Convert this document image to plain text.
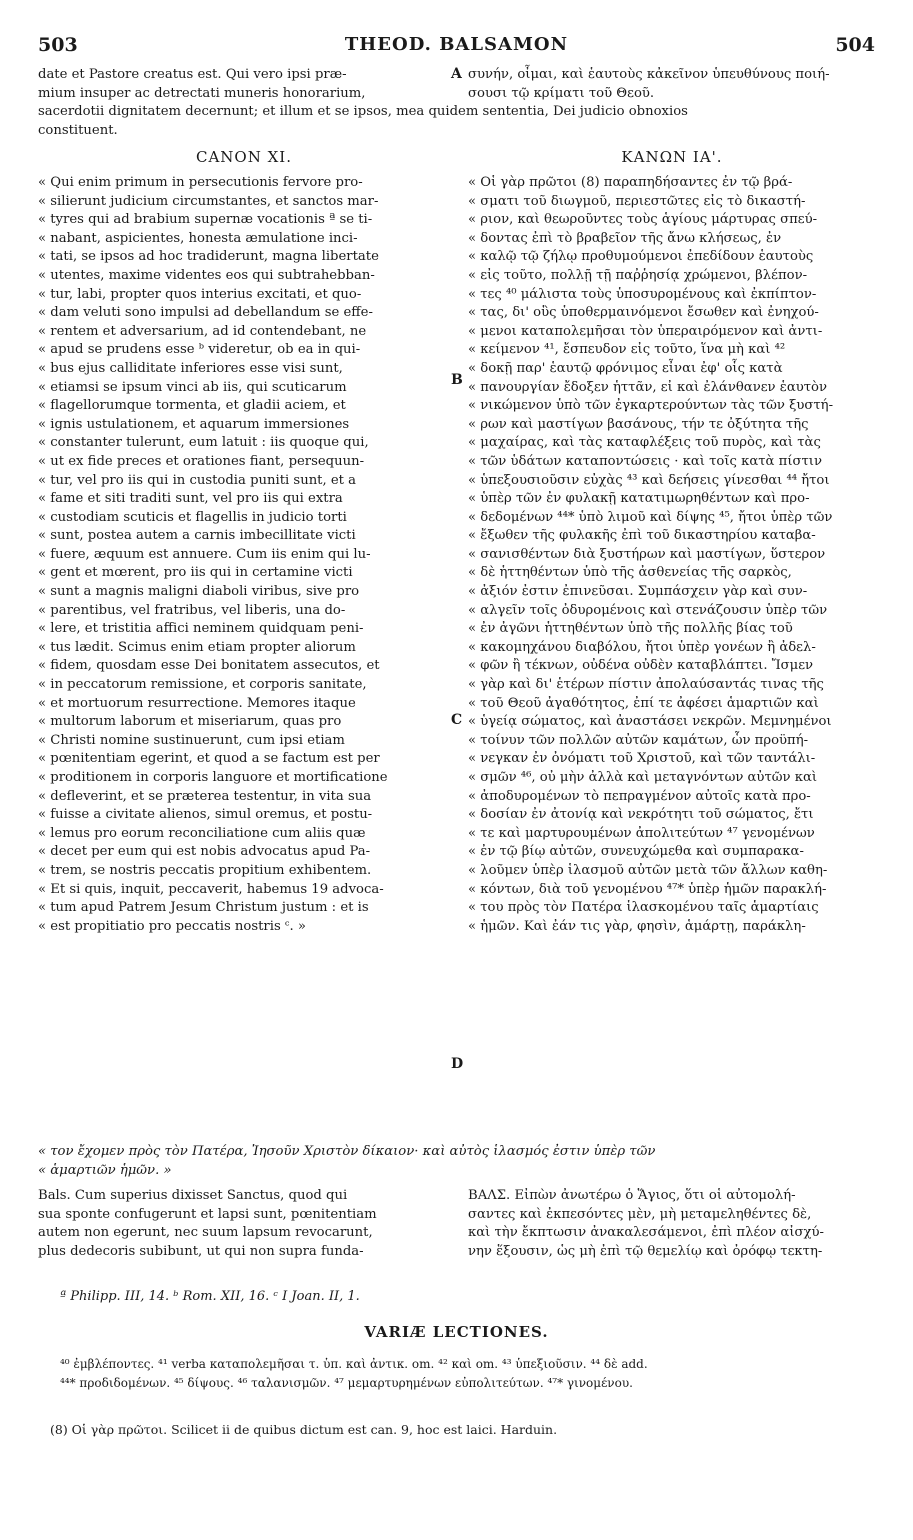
503	THEOD. BALSAMON	504

date et Pastore creatus est. Qui vero ipsi præ-

mium insuper ac detrectati muneris honorarium,

A συνήν, οἶμαι, καὶ ἑαυτοὺς κἀκεῖνον ὑπευθύνους ποιή-

σουσι τῷ κρίματι τοῦ Θεοῦ.

sacerdotii dignitatem decernunt; et illum et se ipsos, mea quidem sententia, Dei judicio obnoxios

constituent.

CANON XI.	ΚΑΝΩΝ ΙΑ'.

« Qui enim primum in persecutionis fervore pro-

« silierunt judicium circumstantes, et sanctos mar-

« tyres qui ad brabium supernæ vocationis ª se ti-

« nabant, aspicientes, honesta æmulatione inci-

« tati, se ipsos ad hoc tradiderunt, magna libertate

« utentes, maxime videntes eos qui subtrahebban-

« tur, labi, propter quos interius excitati, et quo-

« dam veluti sono impulsi ad debellandum se effe-

« rentem et adversarium, ad id contendebant, ne

« apud se prudens esse ᵇ videretur, ob ea in qui-

« bus ejus calliditate inferiores esse visi sunt,

« etiamsi se ipsum vinci ab iis, qui scuticarum

« flagellorumque tormenta, et gladii aciem, et

« ignis ustulationem, et aquarum immersiones

« constanter tulerunt, eum latuit : iis quoque qui,

« ut ex fide preces et orationes fiant, persequun-

« tur, vel pro iis qui in custodia puniti sunt, et a

« fame et siti traditi sunt, vel pro iis qui extra

« custodiam scuticis et flagellis in judicio torti

« sunt, postea autem a carnis imbecillitate victi

« fuere, æquum est annuere. Cum iis enim qui lu-

« gent et mœrent, pro iis qui in certamine victi

« sunt a magnis maligni diaboli viribus, sive pro

« parentibus, vel fratribus, vel liberis, una do-

« lere, et tristitia affici neminem quidquam peni-

« tus lædit. Scimus enim etiam propter aliorum

« fidem, quosdam esse Dei bonitatem assecutos, et

« in peccatorum remissione, et corporis sanitate,

« et mortuorum resurrectione. Memores itaque

« multorum laborum et miseriarum, quas pro

« Christi nomine sustinuerunt, cum ipsi etiam

« pœnitentiam egerint, et quod a se factum est per

« proditionem in corporis languore et mortificatione

« defleverint, et se præterea testentur, in vita sua

« fuisse a civitate alienos, simul oremus, et postu-

« lemus pro eorum reconciliatione cum aliis quæ

« decet per eum qui est nobis advocatus apud Pa-

« trem, se nostris peccatis propitium exhibentem.

« Et si quis, inquit, peccaverit, habemus 19 advoca-

« tum apud Patrem Jesum Christum justum : et is

« est propitiatio pro peccatis nostris ᶜ. »

« Οἱ γὰρ πρῶτοι (8) παραπηδήσαντες ἐν τῷ βρά-

« σματι τοῦ διωγμοῦ, περιεστῶτες εἰς τὸ δικαστή-

« ριον, καὶ θεωροῦντες τοὺς ἁγίους μάρτυρας σπεύ-

« δοντας ἐπὶ τὸ βραβεῖον τῆς ἄνω κλήσεως, ἐν

« καλῷ τῷ ζήλῳ προθυμούμενοι ἐπεδίδουν ἑαυτοὺς

« εἰς τοῦτο, πολλῇ τῇ παῤῥησίᾳ χρώμενοι, βλέπον-

« τες ⁴⁰ μάλιστα τοὺς ὑποσυρομένους καὶ ἐκπίπτον-

« τας, δι' οὓς ὑποθερμαινόμενοι ἔσωθεν καὶ ἐνηχού-

« μενοι καταπολεμῆσαι τὸν ὑπεραιρόμενον καὶ ἀντι-

« κείμενον ⁴¹, ἔσπευδον εἰς τοῦτο, ἵνα μὴ καὶ ⁴²

« δοκῇ παρ' ἑαυτῷ φρόνιμος εἶναι ἐφ' οἷς κατὰ

« πανουργίαν ἔδοξεν ἡττᾶν, εἰ καὶ ἐλάνθανεν ἑαυτὸν

« νικώμενον ὑπὸ τῶν ἐγκαρτερούντων τὰς τῶν ξυστή-

« ρων καὶ μαστίγων βασάνους, τήν τε ὀξύτητα τῆς

« μαχαίρας, καὶ τὰς καταφλέξεις τοῦ πυρὸς, καὶ τὰς

« τῶν ὑδάτων καταποντώσεις · καὶ τοῖς κατὰ πίστιν

« ὑπεξουσιοῦσιν εὐχὰς ⁴³ καὶ δεήσεις γίνεσθαι ⁴⁴ ἤτοι

« ὑπὲρ τῶν ἐν φυλακῇ κατατιμωρηθέντων καὶ προ-

« δεδομένων ⁴⁴* ὑπὸ λιμοῦ καὶ δίψης ⁴⁵, ἤτοι ὑπὲρ τῶν

« ἔξωθεν τῆς φυλακῆς ἐπὶ τοῦ δικαστηρίου καταβα-

« σανισθέντων διὰ ξυστήρων καὶ μαστίγων, ὕστερον

« δὲ ἡττηθέντων ὑπὸ τῆς ἀσθενείας τῆς σαρκὸς,

« ἀξιόν ἐστιν ἐπινεῦσαι. Συμπάσχειν γὰρ καὶ συν-

« αλγεῖν τοῖς ὀδυρομένοις καὶ στενάζουσιν ὑπὲρ τῶν

« ἐν ἀγῶνι ἡττηθέντων ὑπὸ τῆς πολλῆς βίας τοῦ

« κακομηχάνου διαβόλου, ἤτοι ὑπὲρ γονέων ἢ ἀδελ-

« φῶν ἢ τέκνων, οὐδένα οὐδὲν καταβλάπτει. Ἴσμεν

« γὰρ καὶ δι' ἑτέρων πίστιν ἀπολαύσαντάς τινας τῆς

« τοῦ Θεοῦ ἀγαθότητος, ἐπί τε ἀφέσει ἁμαρτιῶν καὶ

« ὑγείᾳ σώματος, καὶ ἀναστάσει νεκρῶν. Μεμνημένοι

« τοίνυν τῶν πολλῶν αὐτῶν καμάτων, ὧν προϋπή-

« νεγκαν ἐν ὀνόματι τοῦ Χριστοῦ, καὶ τῶν ταντάλι-

« σμῶν ⁴⁶, οὐ μὴν ἀλλὰ καὶ μεταγνόντων αὐτῶν καὶ

« ἀποδυρομένων τὸ πεπραγμένον αὐτοῖς κατὰ προ-

« δοσίαν ἐν ἀτονίᾳ καὶ νεκρότητι τοῦ σώματος, ἔτι

« τε καὶ μαρτυρουμένων ἀπολιτεύτων ⁴⁷ γενομένων

« ἐν τῷ βίῳ αὐτῶν, συνευχώμεθα καὶ συμπαρακα-

« λοῦμεν ὑπὲρ ἱλασμοῦ αὐτῶν μετὰ τῶν ἄλλων καθη-

« κόντων, διὰ τοῦ γενομένου ⁴⁷* ὑπὲρ ἡμῶν παρακλή-

« του πρὸς τὸν Πατέρα ἱλασκομένου ταῖς ἁμαρτίαις

« ἡμῶν. Καὶ ἐάν τις γὰρ, φησὶν, ἁμάρτῃ, παράκλη-

B
C
D

« τον ἔχομεν πρὸς τὸν Πατέρα, Ἰησοῦν Χριστὸν δίκαιον· καὶ αὐτὸς ἱλασμός ἐστιν ὑπὲρ τῶν

« ἁμαρτιῶν ἡμῶν. »

Bals. Cum superius dixisset Sanctus, quod qui

sua sponte confugerunt et lapsi sunt, pœnitentiam

autem non egerunt, nec suum lapsum revocarunt,

plus dedecoris subibunt, ut qui non supra funda-

ΒΑΛΣ. Εἰπὼν ἀνωτέρω ὁ Ἅγιος, ὅτι οἱ αὐτομολή-

σαντες καὶ ἐκπεσόντες μὲν, μὴ μεταμεληθέντες δὲ,

καὶ τὴν ἔκπτωσιν ἀνακαλεσάμενοι, ἐπὶ πλέον αἰσχύ-

νην ἕξουσιν, ὡς μὴ ἐπὶ τῷ θεμελίῳ καὶ ὀρόφῳ τεκτη-

ª Philipp. III, 14. ᵇ Rom. XII, 16. ᶜ I Joan. II, 1.
VARIÆ LECTIONES.

⁴⁰ ἐμβλέποντες. ⁴¹ verba καταπολεμῆσαι τ. ὑπ. καὶ ἀντικ. om. ⁴² καὶ om. ⁴³ ὑπεξιοῦσιν. ⁴⁴ δὲ add.

⁴⁴* προδιδομένων. ⁴⁵ δίψους. ⁴⁶ ταλανισμῶν. ⁴⁷ μεμαρτυρημένων εὐπολιτεύτων. ⁴⁷* γινομένου.

(8) Οἱ γὰρ πρῶτοι. Scilicet ii de quibus dictum est can. 9, hoc est laici. Harduin.
